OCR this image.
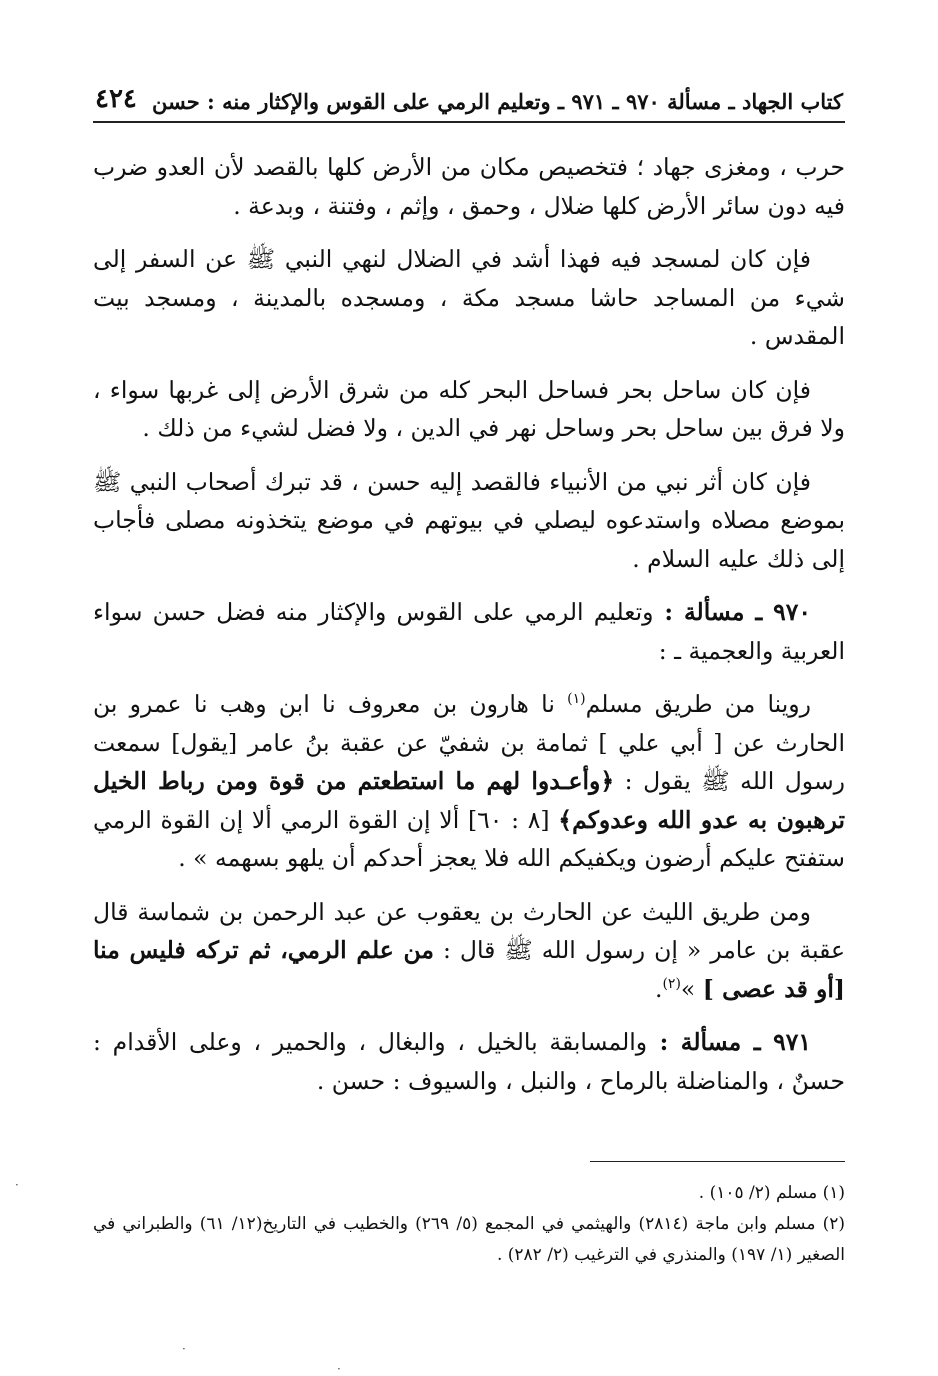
كتاب الجهاد ـ مسألة ٩٧٠ ـ ٩٧١ ـ وتعليم الرمي على القوس والإكثار منه : حسن
٤٢٤

حرب ، ومغزى جهاد ؛ فتخصيص مكان من الأرض كلها بالقصد لأن العدو ضرب فيه دون سائر الأرض كلها ضلال ، وحمق ، وإثم ، وفتنة ، وبدعة .

فإن كان لمسجد فيه فهذا أشد في الضلال لنهي النبي ﷺ عن السفر إلى شيء من المساجد حاشا مسجد مكة ، ومسجده بالمدينة ، ومسجد بيت المقدس .

فإن كان ساحل بحر فساحل البحر كله من شرق الأرض إلى غربها سواء ، ولا فرق بين ساحل بحر وساحل نهر في الدين ، ولا فضل لشيء من ذلك .

فإن كان أثر نبي من الأنبياء فالقصد إليه حسن ، قد تبرك أصحاب النبي ﷺ بموضع مصلاه واستدعوه ليصلي في بيوتهم في موضع يتخذونه مصلى فأجاب إلى ذلك عليه السلام .

٩٧٠ ـ مسألة : وتعليم الرمي على القوس والإكثار منه فضل حسن سواء العربية والعجمية ـ :

روينا من طريق مسلم$^{(١)}$ نا هارون بن معروف نا ابن وهب نا عمرو بن الحارث عن [ أبي علي ] ثمامة بن شفيّ عن عقبة بنُ عامر [يقول] سمعت رسول الله ﷺ يقول : ﴿وأعـدوا لهم ما استطعتم من قوة ومن رباط الخيل ترهبون به عدو الله وعدوكم﴾ [٨ : ٦٠] ألا إن القوة الرمي ألا إن القوة الرمي ستفتح عليكم أرضون ويكفيكم الله فلا يعجز أحدكم أن يلهو بسهمه » .

ومن طريق الليث عن الحارث بن يعقوب عن عبد الرحمن بن شماسة قال عقبة بن عامر « إن رسول الله ﷺ قال : من علم الرمي، ثم تركه فليس منا [أو قد عصى ] »$^{(٢)}$.

٩٧١ ـ مسألة : والمسابقة بالخيل ، والبغال ، والحمير ، وعلى الأقدام : حسنٌ ، والمناضلة بالرماح ، والنبل ، والسيوف : حسن .

(١) مسلم (٢/ ١٠٥) .

(٢) مسلم وابن ماجة (٢٨١٤) والهيثمي في المجمع (٥/ ٢٦٩) والخطيب في التاريخ(١٢/ ٦١) والطبراني في الصغير (١/ ١٩٧) والمنذري في الترغيب (٢/ ٢٨٢) .

·
·
·
